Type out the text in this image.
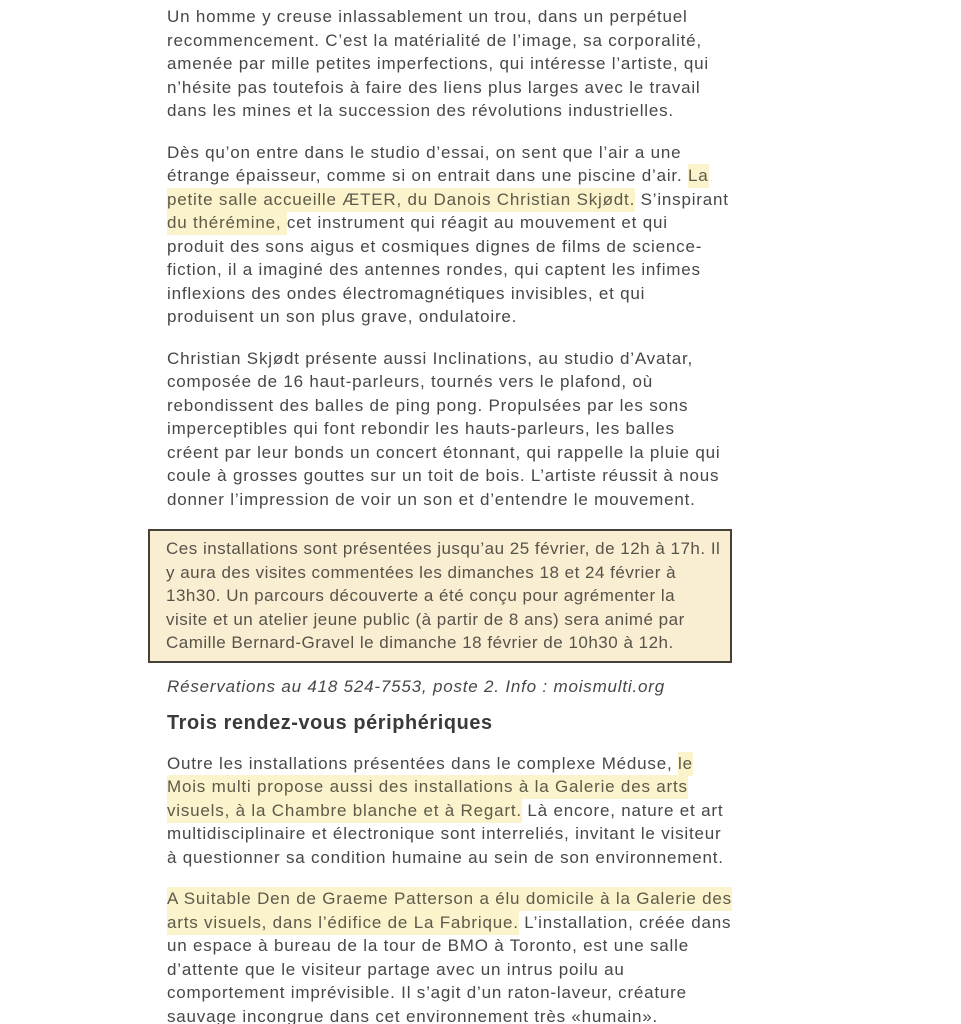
Un homme y creuse inlassablement un trou, dans un perpétuel
recommencement. C’est la matérialité de l’image, sa corporalité,
amenée par mille petites imperfections, qui intéresse l’artiste, qui
n’hésite pas toutefois à faire des liens plus larges avec le travail
dans les mines et la succession des révolutions industrielles.
Dès qu’on entre dans le studio d’essai, on sent que l’air a une
étrange épaisseur, comme si on entrait dans une piscine d’air. La
petite salle accueille ÆTER, du Danois Christian Skjødt. S’inspirant
du thérémine, cet instrument qui réagit au mouvement et qui
produit des sons aigus et cosmiques dignes de films de science-
fiction, il a imaginé des antennes rondes, qui captent les infimes
inflexions des ondes électromagnétiques invisibles, et qui
produisent un son plus grave, ondulatoire.
Christian Skjødt présente aussi Inclinations, au studio d’Avatar,
composée de 16 haut-parleurs, tournés vers le plafond, où
rebondissent des balles de ping pong. Propulsées par les sons
imperceptibles qui font rebondir les hauts-parleurs, les balles
créent par leur bonds un concert étonnant, qui rappelle la pluie qui
coule à grosses gouttes sur un toit de bois. L’artiste réussit à nous
donner l’impression de voir un son et d’entendre le mouvement.
Ces installations sont présentées jusqu’au 25 février, de 12h à 17h. Il
y aura des visites commentées les dimanches 18 et 24 février à
13h30. Un parcours découverte a été conçu pour agrémenter la
visite et un atelier jeune public (à partir de 8 ans) sera animé par
Camille Bernard-Gravel le dimanche 18 février de 10h30 à 12h.
Réservations au 418 524-7553, poste 2. Info : moismulti.org
Trois rendez-vous périphériques
Outre les installations présentées dans le complexe Méduse, le
Mois multi propose aussi des installations à la Galerie des arts
visuels, à la Chambre blanche et à Regart. Là encore, nature et art
multidisciplinaire et électronique sont interreliés, invitant le visiteur
à questionner sa condition humaine au sein de son environnement.
A Suitable Den de Graeme Patterson a élu domicile à la Galerie des
arts visuels, dans l’édifice de La Fabrique. L’installation, créée dans
un espace à bureau de la tour de BMO à Toronto, est une salle
d’attente que le visiteur partage avec un intrus poilu au
comportement imprévisible. Il s’agit d’un raton-laveur, créature
sauvage incongrue dans cet environnement très «humain».
